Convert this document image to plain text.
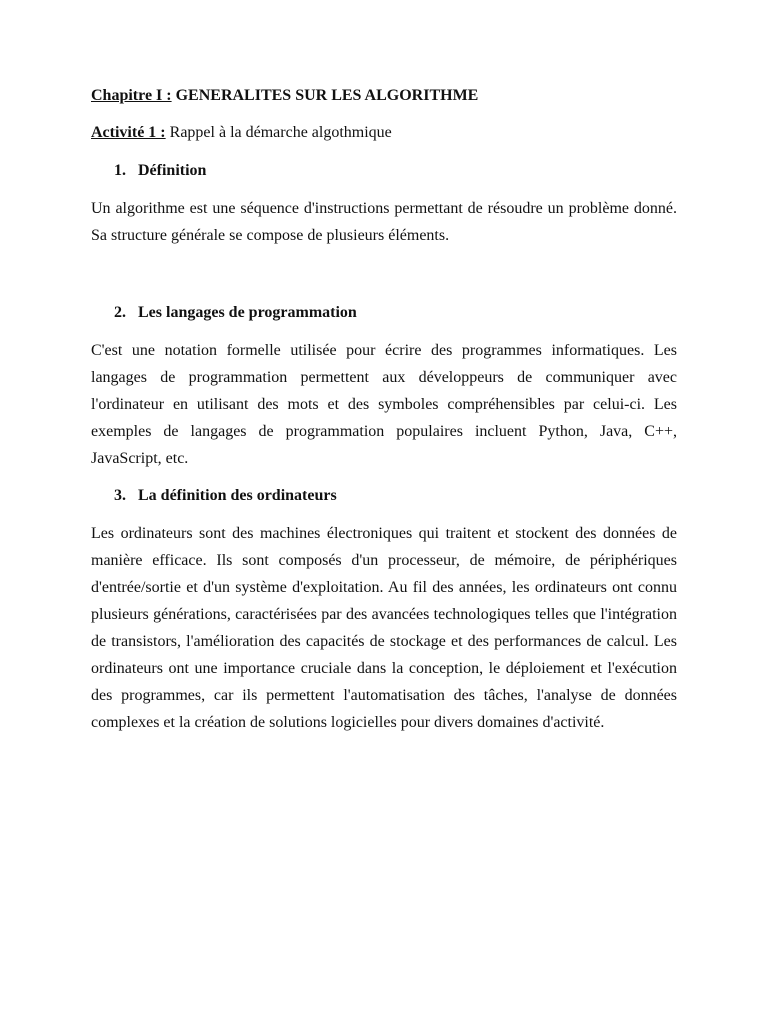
Chapitre I : GENERALITES SUR LES ALGORITHME
Activité 1 : Rappel à la démarche algothmique
1. Définition

Un algorithme est une séquence d'instructions permettant de résoudre un problème donné. Sa structure générale se compose de plusieurs éléments.

2. Les langages de programmation

C'est une notation formelle utilisée pour écrire des programmes informatiques. Les langages de programmation permettent aux développeurs de communiquer avec l'ordinateur en utilisant des mots et des symboles compréhensibles par celui-ci. Les exemples de langages de programmation populaires incluent Python, Java, C++, JavaScript, etc.

3. La définition des ordinateurs

Les ordinateurs sont des machines électroniques qui traitent et stockent des données de manière efficace. Ils sont composés d'un processeur, de mémoire, de périphériques d'entrée/sortie et d'un système d'exploitation. Au fil des années, les ordinateurs ont connu plusieurs générations, caractérisées par des avancées technologiques telles que l'intégration de transistors, l'amélioration des capacités de stockage et des performances de calcul. Les ordinateurs ont une importance cruciale dans la conception, le déploiement et l'exécution des programmes, car ils permettent l'automatisation des tâches, l'analyse de données complexes et la création de solutions logicielles pour divers domaines d'activité.
